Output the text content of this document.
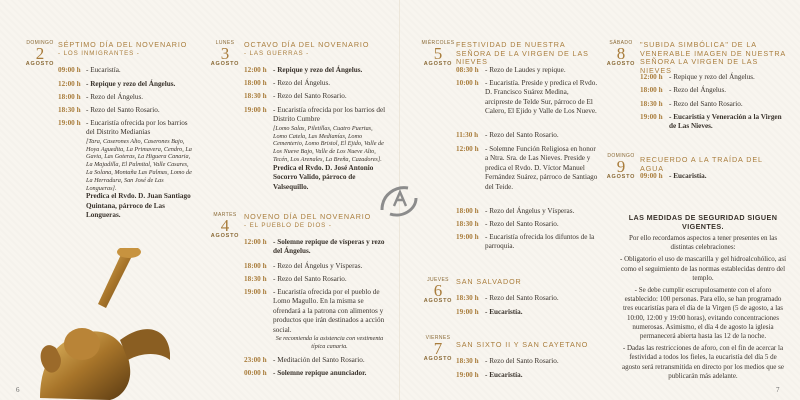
DOMINGO
2
AGOSTO
SÉPTIMO DÍA DEL NOVENARIO
- LOS INMIGRANTES -
09:00 h - Eucaristía.
12:00 h - Repique y rezo del Ángelus.
18:00 h - Rezo del Ángelus.
18:30 h - Rezo del Santo Rosario.
19:00 h - Eucaristía ofrecida por los barrios del Distrito Medianías
[Tara, Caserones Alto, Caserones Bajo, Hoya Aguedita, La Primavera, Cendro, La Gavia, Las Goteras, La Higuera Canaria, La Majadilla, El Palmital, Valle Casares, La Solana, Montaña Las Palmas, Lomo de La Herradura, San José de Las Longueras].
Predica el Rvdo. D. Juan Santiago Quintana, párroco de Las Longueras.
LUNES
3
AGOSTO
OCTAVO DÍA DEL NOVENARIO
- LAS GUERRAS -
12:00 h - Repique y rezo del Ángelus.
18:00 h - Rezo del Ángelus.
18:30 h - Rezo del Santo Rosario.
19:00 h - Eucaristía ofrecida por los barrios del Distrito Cumbre
[Lomo Salas, Piletillas, Cuatro Puertas, Lomo Catela, Las Medianías, Lomo Cementerio, Lomo Bristol, El Ejido, Valle de Los Nueve Bajo, Valle de Los Nueve Alto, Tecén, Los Arenales, La Breña, Cazadores].
Predica el Rvdo. D. José Antonio Socorro Valido, párroco de Valsequillo.
MARTES
4
AGOSTO
NOVENO DÍA DEL NOVENARIO
- EL PUEBLO DE DIOS -
12:00 h - Solemne repique de vísperas y rezo del Ángelus.
18:00 h - Rezo del Ángelus y Vísperas.
18:30 h - Rezo del Santo Rosario.
19:00 h - Eucaristía ofrecida por el pueblo de Lomo Magullo. En la misma se ofrendará a la patrona con alimentos y productos que irán destinados a acción social.
Se recomienda la asistencia con vestimenta típica canaria.
23:00 h - Meditación del Santo Rosario.
00:00 h - Solemne repique anunciador.
6
MIÉRCOLES
5
AGOSTO
FESTIVIDAD DE NUESTRA SEÑORA DE LA VIRGEN DE LAS NIEVES
08:30 h - Rezo de Laudes y repique.
10:00 h - Eucaristía. Preside y predica el Rvdo. D. Francisco Suárez Medina, arcipreste de Telde Sur, párroco de El Calero, El Ejido y Valle de Los Nueve.
11:30 h - Rezo del Santo Rosario.
12:00 h - Solemne Función Religiosa en honor a Ntra. Sra. de Las Nieves. Preside y predica el Rvdo. D. Víctor Manuel Fernández Suárez, párroco de Santiago del Teide.
18:00 h - Rezo del Ángelus y Vísperas.
18:30 h - Rezo del Santo Rosario.
19:00 h - Eucaristía ofrecida los difuntos de la parroquia.
JUEVES
6
AGOSTO
SAN SALVADOR
18:30 h - Rezo del Santo Rosario.
19:00 h - Eucaristía.
VIERNES
7
AGOSTO
SAN SIXTO II Y SAN CAYETANO
18:30 h - Rezo del Santo Rosario.
19:00 h - Eucaristía.
SÁBADO
8
AGOSTO
"SUBIDA SIMBÓLICA" DE LA VENERABLE IMAGEN DE NUESTRA SEÑORA LA VIRGEN DE LAS NIEVES
12:00 h - Repique y rezo del Ángelus.
18:00 h - Rezo del Ángelus.
18:30 h - Rezo del Santo Rosario.
19:00 h - Eucaristía y Veneración a la Virgen de Las Nieves.
DOMINGO
9
AGOSTO
RECUERDO A LA TRAÍDA DEL AGUA
09:00 h - Eucaristía.
LAS MEDIDAS DE SEGURIDAD SIGUEN VIGENTES.

Por ello recordamos aspectos a tener presentes en las distintas celebraciones:

- Obligatorio el uso de mascarilla y gel hidroalcohólico, así como el seguimiento de las normas establecidas dentro del templo.

- Se debe cumplir escrupulosamente con el aforo establecido: 100 personas. Para ello, se han programado tres eucaristías para el día de la Virgen (5 de agosto, a las 10:00, 12:00 y 19:00 horas), evitando concentraciones numerosas. Asimismo, el día 4 de agosto la iglesia permanecerá abierta hasta las 12 de la noche.

- Dadas las restricciones de aforo, con el fin de acercar la festividad a todos los fieles, la eucaristía del día 5 de agosto será retransmitida en directo por los medios que se publicarán más adelante.

7
